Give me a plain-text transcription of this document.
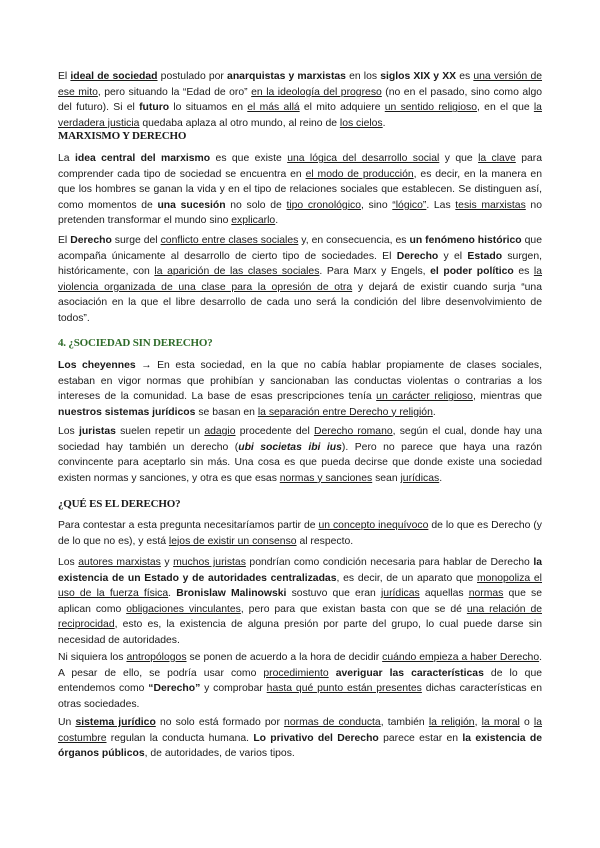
El ideal de sociedad postulado por anarquistas y marxistas en los siglos XIX y XX es una versión de ese mito, pero situando la “Edad de oro” en la ideología del progreso (no en el pasado, sino como algo del futuro). Si el futuro lo situamos en el más allá el mito adquiere un sentido religioso, en el que la verdadera justicia quedaba aplaza al otro mundo, al reino de los cielos.

MARXISMO Y DERECHO

La idea central del marxismo es que existe una lógica del desarrollo social y que la clave para comprender cada tipo de sociedad se encuentra en el modo de producción, es decir, en la manera en que los hombres se ganan la vida y en el tipo de relaciones sociales que establecen. Se distinguen así, como momentos de una sucesión no solo de tipo cronológico, sino “lógico”. Las tesis marxistas no pretenden transformar el mundo sino explicarlo.

El Derecho surge del conflicto entre clases sociales y, en consecuencia, es un fenómeno histórico que acompaña únicamente al desarrollo de cierto tipo de sociedades. El Derecho y el Estado surgen, históricamente, con la aparición de las clases sociales. Para Marx y Engels, el poder político es la violencia organizada de una clase para la opresión de otra y dejará de existir cuando surja “una asociación en la que el libre desarrollo de cada uno será la condición del libre desenvolvimiento de todos”.

4. ¿SOCIEDAD SIN DERECHO?

Los cheyennes → En esta sociedad, en la que no cabía hablar propiamente de clases sociales, estaban en vigor normas que prohibían y sancionaban las conductas violentas o contrarias a los intereses de la comunidad. La base de esas prescripciones tenía un carácter religioso, mientras que nuestros sistemas jurídicos se basan en la separación entre Derecho y religión.

Los juristas suelen repetir un adagio procedente del Derecho romano, según el cual, donde hay una sociedad hay también un derecho (ubi societas ibi ius). Pero no parece que haya una razón convincente para aceptarlo sin más. Una cosa es que pueda decirse que donde existe una sociedad existen normas y sanciones, y otra es que esas normas y sanciones sean jurídicas.

¿QUÉ ES EL DERECHO?

Para contestar a esta pregunta necesitaríamos partir de un concepto inequívoco de lo que es Derecho (y de lo que no es), y está lejos de existir un consenso al respecto.

Los autores marxistas y muchos juristas pondrían como condición necesaria para hablar de Derecho la existencia de un Estado y de autoridades centralizadas, es decir, de un aparato que monopoliza el uso de la fuerza física. Bronislaw Malinowski sostuvo que eran jurídicas aquellas normas que se aplican como obligaciones vinculantes, pero para que existan basta con que se dé una relación de reciprocidad, esto es, la existencia de alguna presión por parte del grupo, lo cual puede darse sin necesidad de autoridades.

Ni siquiera los antropólogos se ponen de acuerdo a la hora de decidir cuándo empieza a haber Derecho. A pesar de ello, se podría usar como procedimiento averiguar las características de lo que entendemos como “Derecho” y comprobar hasta qué punto están presentes dichas características en otras sociedades.

Un sistema jurídico no solo está formado por normas de conducta, también la religión, la moral o la costumbre regulan la conducta humana. Lo privativo del Derecho parece estar en la existencia de órganos públicos, de autoridades, de varios tipos.
